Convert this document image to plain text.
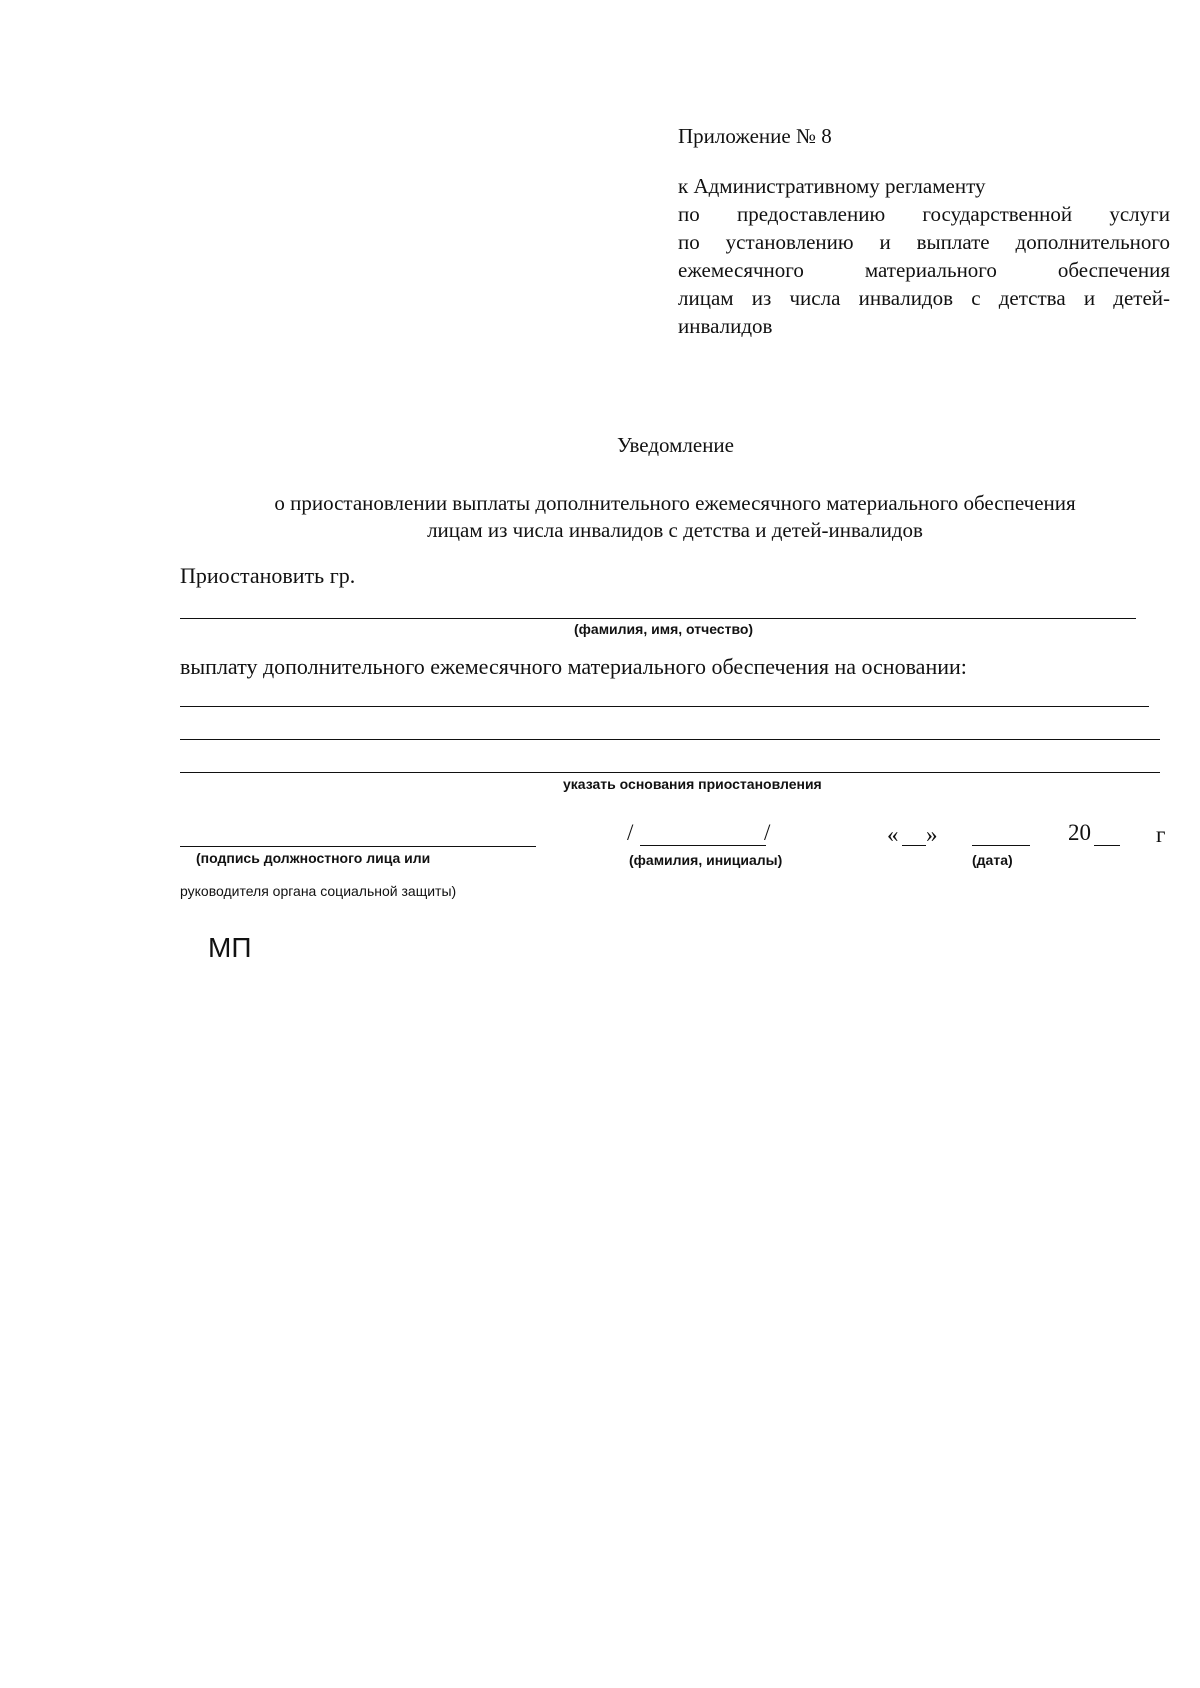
Приложение № 8
к Административному регламенту
по предоставлению государственной услуги
по установлению и выплате дополнительного
ежемесячного материального обеспечения
лицам из числа инвалидов с детства и детей-
инвалидов
Уведомление
о приостановлении выплаты дополнительного ежемесячного материального обеспечения
лицам из числа инвалидов с детства и детей-инвалидов
Приостановить гр.
(фамилия, имя, отчество)
выплату дополнительного ежемесячного материального обеспечения на основании:
указать основания приостановления
(подпись должностного лица или
руководителя органа социальной защиты)
/	/
(фамилия, инициалы)
« »
(дата)
20	г
МП
